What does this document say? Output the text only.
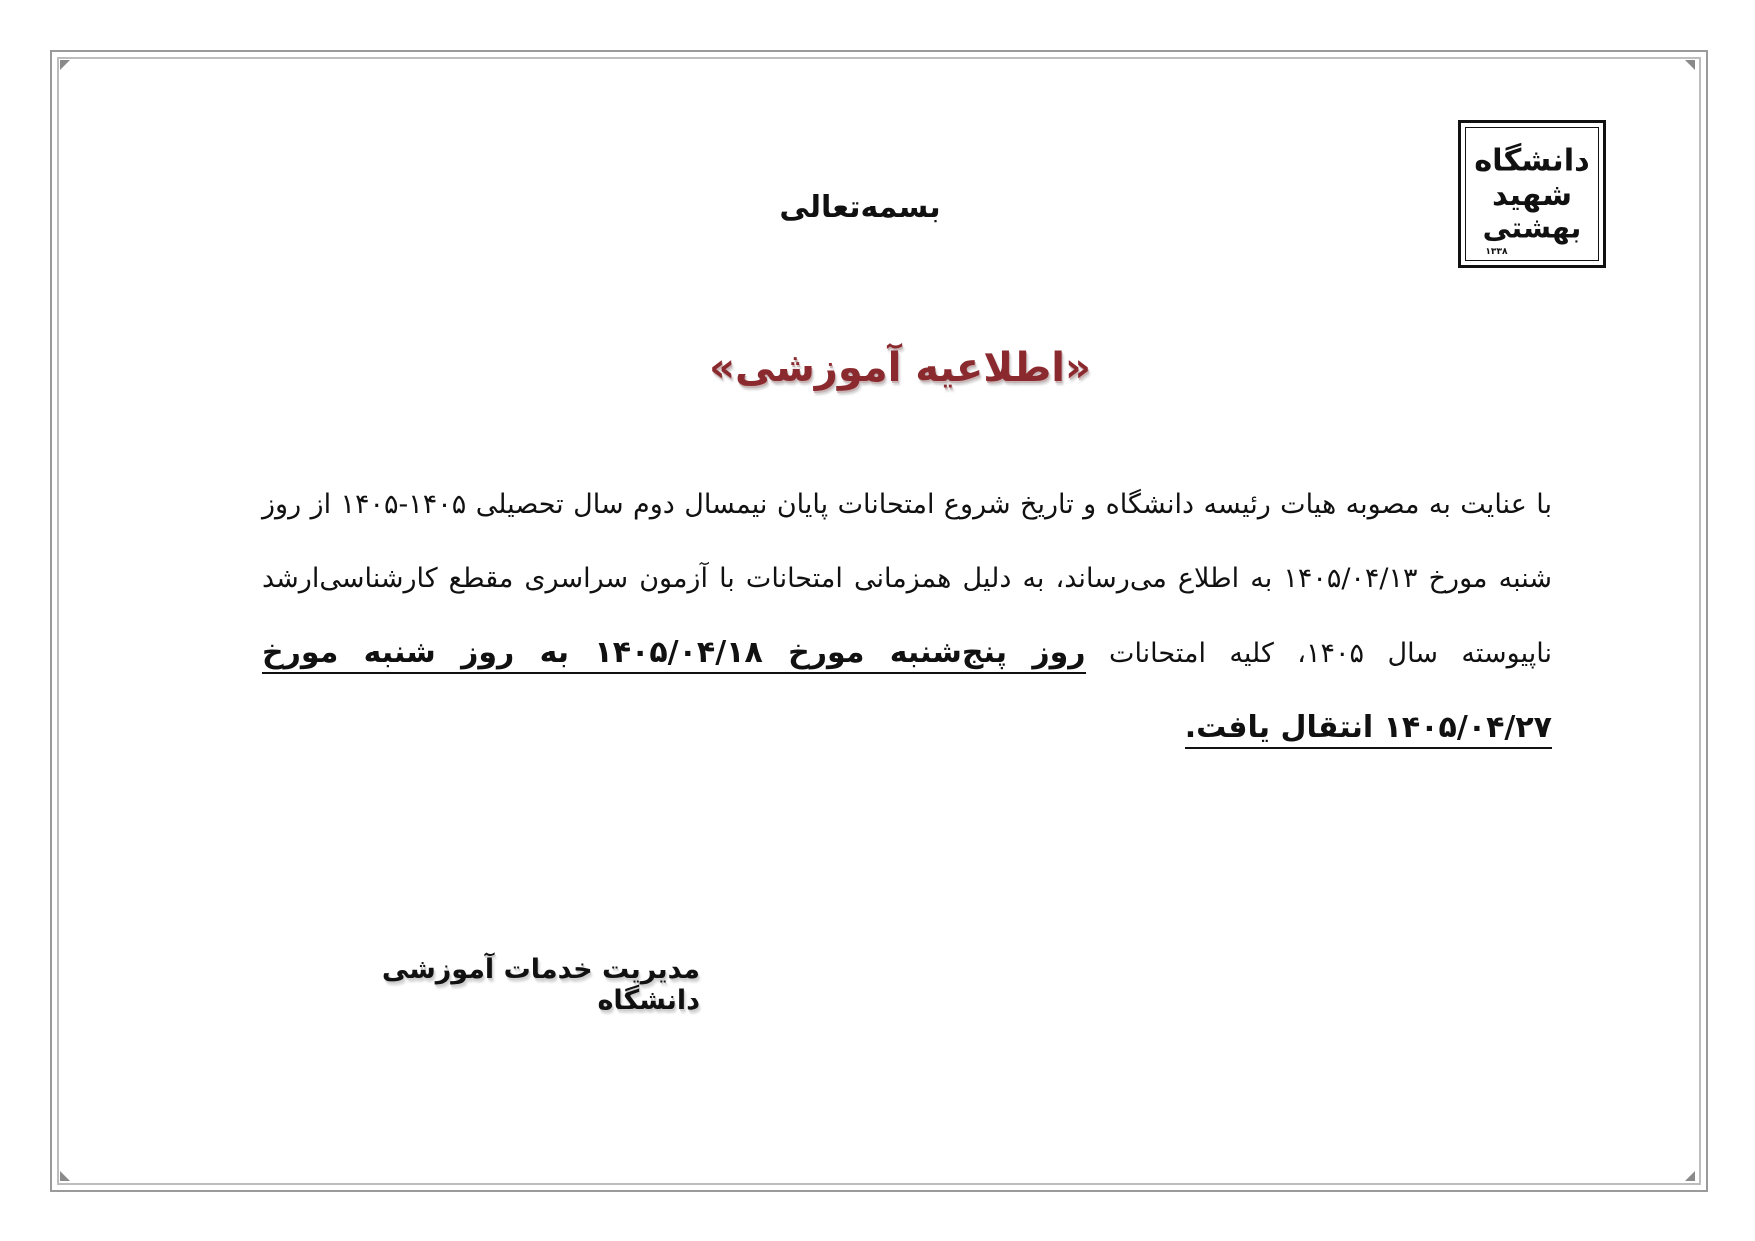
دانشگاه
شهید
بهشتی
۱۳۳۸
بسمه‌تعالی
«اطلاعیه آموزشی»
با عنایت به مصوبه هیات رئیسه دانشگاه و تاریخ شروع امتحانات پایان نیمسال دوم سال تحصیلی ۱۴۰۵-۱۴۰۵ از روز شنبه مورخ ۱۴۰۵/۰۴/۱۳ به اطلاع می‌رساند، به دلیل همزمانی امتحانات با آزمون سراسری مقطع کارشناسی‌ارشد ناپیوسته سال ۱۴۰۵، کلیه امتحانات روز پنج‌شنبه مورخ ۱۴۰۵/۰۴/۱۸ به روز شنبه مورخ ۱۴۰۵/۰۴/۲۷ انتقال یافت.
مدیریت خدمات آموزشی دانشگاه
